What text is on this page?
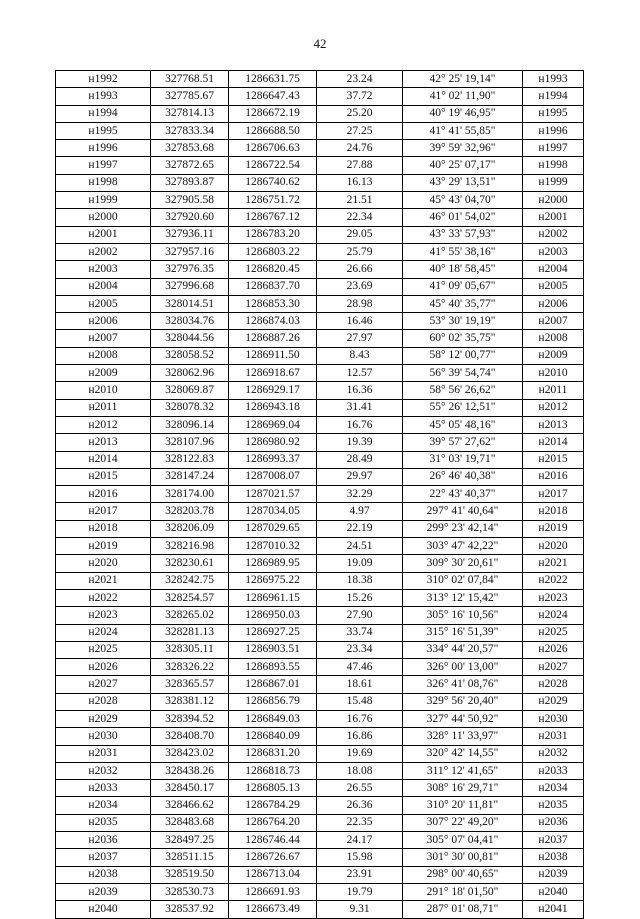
42
н1992	327768.51	1286631.75	23.24	42° 25' 19,14"	н1993
н1993	327785.67	1286647.43	37.72	41° 02' 11,90"	н1994
н1994	327814.13	1286672.19	25.20	40° 19' 46,95"	н1995
н1995	327833.34	1286688.50	27.25	41° 41' 55,85"	н1996
н1996	327853.68	1286706.63	24.76	39° 59' 32,96"	н1997
н1997	327872.65	1286722.54	27.88	40° 25' 07,17"	н1998
н1998	327893.87	1286740.62	16.13	43° 29' 13,51"	н1999
н1999	327905.58	1286751.72	21.51	45° 43' 04,70"	н2000
н2000	327920.60	1286767.12	22.34	46° 01' 54,02"	н2001
н2001	327936.11	1286783.20	29.05	43° 33' 57,93"	н2002
н2002	327957.16	1286803.22	25.79	41° 55' 38,16"	н2003
н2003	327976.35	1286820.45	26.66	40° 18' 58,45"	н2004
н2004	327996.68	1286837.70	23.69	41° 09' 05,67"	н2005
н2005	328014.51	1286853.30	28.98	45° 40' 35,77"	н2006
н2006	328034.76	1286874.03	16.46	53° 30' 19,19"	н2007
н2007	328044.56	1286887.26	27.97	60° 02' 35,75"	н2008
н2008	328058.52	1286911.50	8.43	58° 12' 00,77"	н2009
н2009	328062.96	1286918.67	12.57	56° 39' 54,74"	н2010
н2010	328069.87	1286929.17	16.36	58° 56' 26,62"	н2011
н2011	328078.32	1286943.18	31.41	55° 26' 12,51"	н2012
н2012	328096.14	1286969.04	16.76	45° 05' 48,16"	н2013
н2013	328107.96	1286980.92	19.39	39° 57' 27,62"	н2014
н2014	328122.83	1286993.37	28.49	31° 03' 19,71"	н2015
н2015	328147.24	1287008.07	29.97	26° 46' 40,38"	н2016
н2016	328174.00	1287021.57	32.29	22° 43' 40,37"	н2017
н2017	328203.78	1287034.05	4.97	297° 41' 40,64"	н2018
н2018	328206.09	1287029.65	22.19	299° 23' 42,14"	н2019
н2019	328216.98	1287010.32	24.51	303° 47' 42,22"	н2020
н2020	328230.61	1286989.95	19.09	309° 30' 20,61"	н2021
н2021	328242.75	1286975.22	18.38	310° 02' 07,84"	н2022
н2022	328254.57	1286961.15	15.26	313° 12' 15,42"	н2023
н2023	328265.02	1286950.03	27.90	305° 16' 10,56"	н2024
н2024	328281.13	1286927.25	33.74	315° 16' 51,39"	н2025
н2025	328305.11	1286903.51	23.34	334° 44' 20,57"	н2026
н2026	328326.22	1286893.55	47.46	326° 00' 13,00"	н2027
н2027	328365.57	1286867.01	18.61	326° 41' 08,76"	н2028
н2028	328381.12	1286856.79	15.48	329° 56' 20,40"	н2029
н2029	328394.52	1286849.03	16.76	327° 44' 50,92"	н2030
н2030	328408.70	1286840.09	16.86	328° 11' 33,97"	н2031
н2031	328423.02	1286831.20	19.69	320° 42' 14,55"	н2032
н2032	328438.26	1286818.73	18.08	311° 12' 41,65"	н2033
н2033	328450.17	1286805.13	26.55	308° 16' 29,71"	н2034
н2034	328466.62	1286784.29	26.36	310° 20' 11,81"	н2035
н2035	328483.68	1286764.20	22.35	307° 22' 49,20"	н2036
н2036	328497.25	1286746.44	24.17	305° 07' 04,41"	н2037
н2037	328511.15	1286726.67	15.98	301° 30' 00,81"	н2038
н2038	328519.50	1286713.04	23.91	298° 00' 40,65"	н2039
н2039	328530.73	1286691.93	19.79	291° 18' 01,50"	н2040
н2040	328537.92	1286673.49	9.31	287° 01' 08,71"	н2041
